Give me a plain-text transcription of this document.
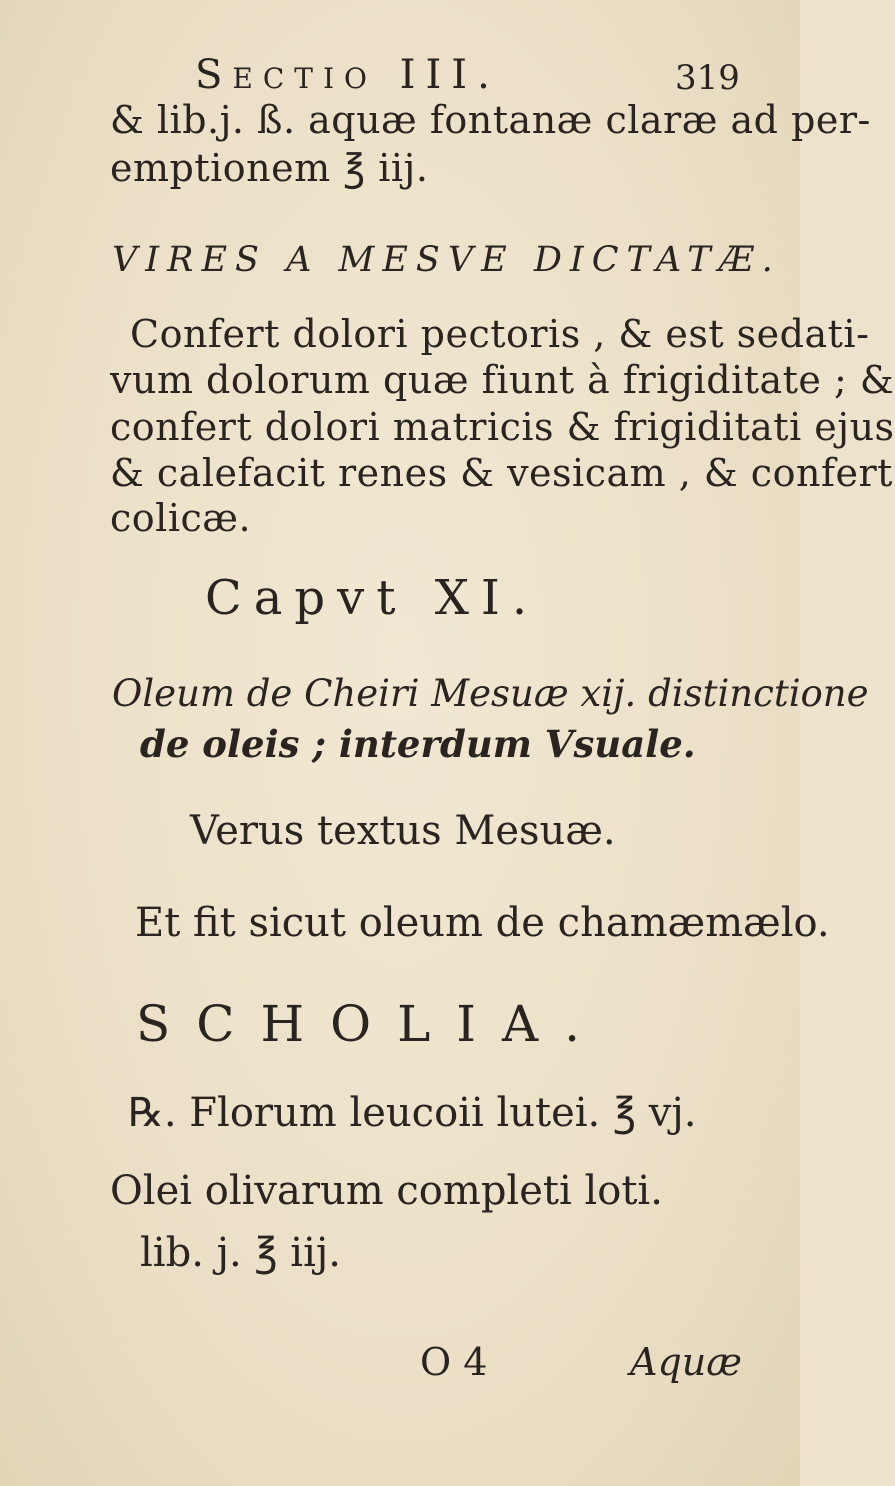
Sectio III.	319
& lib.j. ß. aquæ fontanæ claræ ad per-
emptionem ℥ iij.
VIRES A MESVE DICTATÆ.
Confert dolori pectoris , & est sedati-
vum dolorum quæ fiunt à frigiditate ; &
confert dolori matricis & frigiditati ejus
& calefacit renes & vesicam , & confert
colicæ.
Capvt XI.
Oleum de Cheiri Mesuæ xij. distinctione
de oleis ; interdum Vsuale.
Verus textus Mesuæ.
Et fit sicut oleum de chamæmælo.
SCHOLIA.
℞. Florum leucoii lutei. ℥ vj.
Olei olivarum completi loti.
lib. j. ℥ iij.
O 4	Aquæ
